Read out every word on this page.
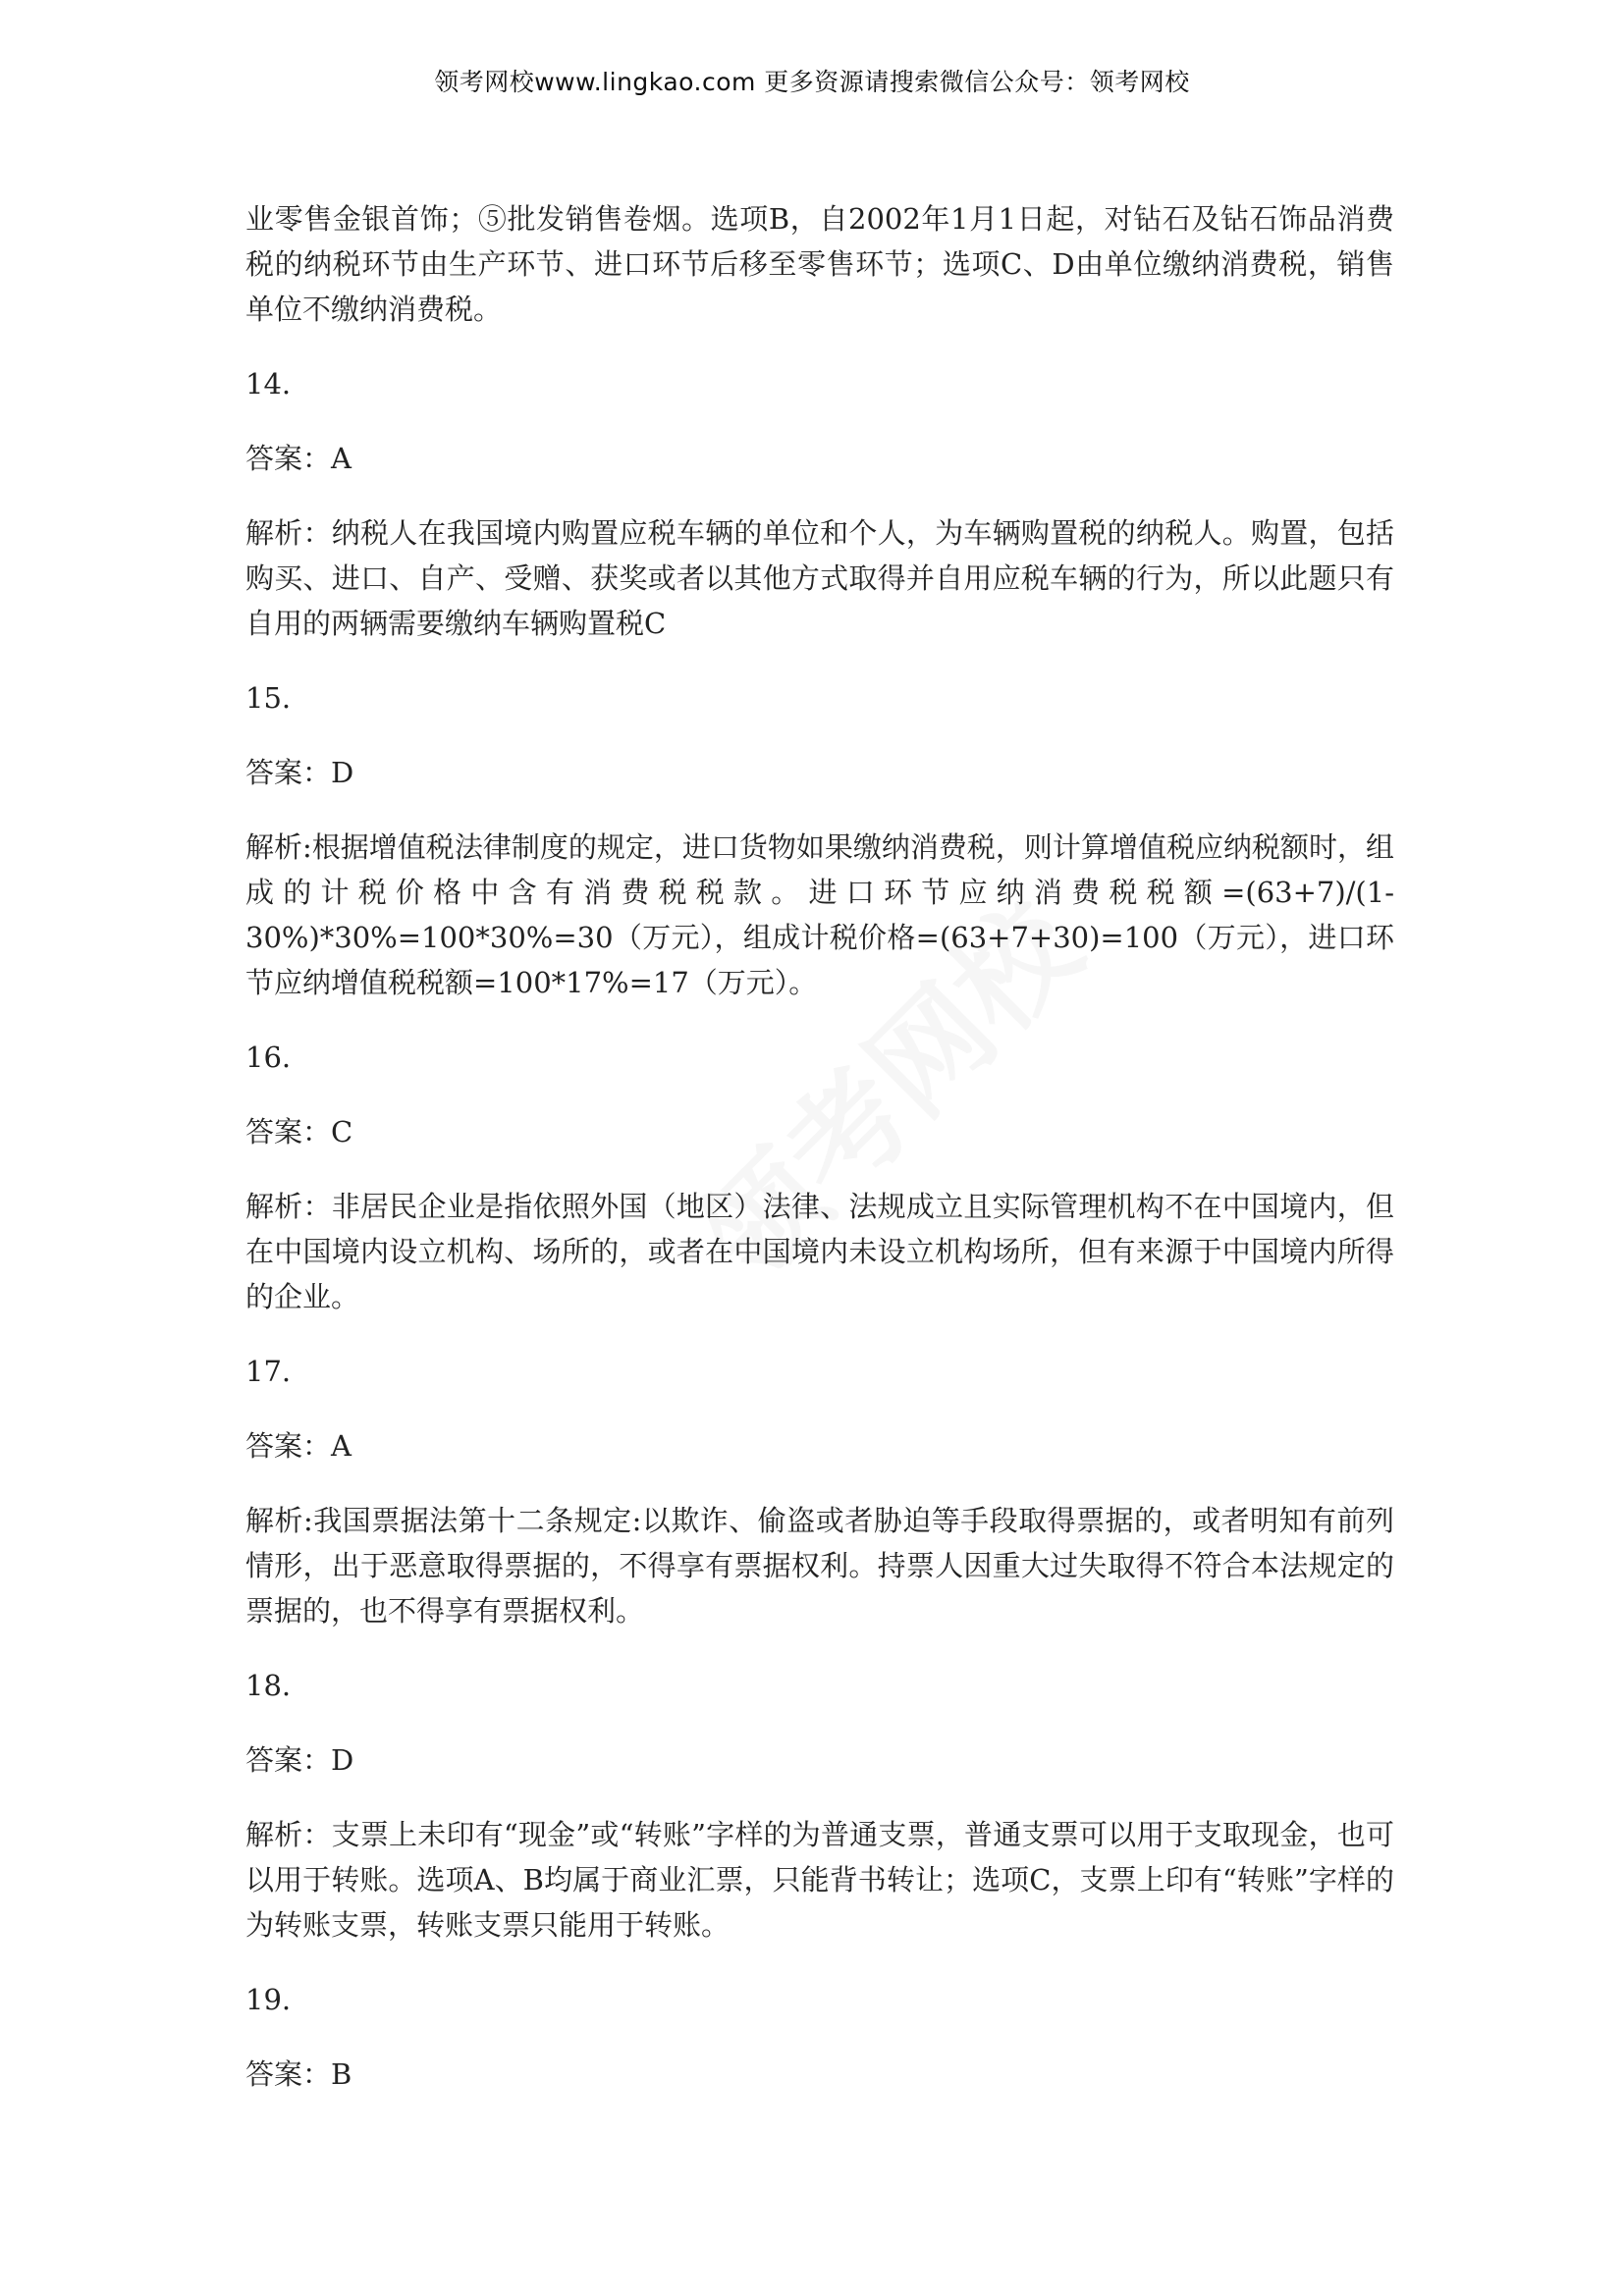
领考网校www.lingkao.com 更多资源请搜索微信公众号：领考网校

业零售金银首饰；⑤批发销售卷烟。选项B，自2002年1月1日起，对钻石及钻石饰品消费税的纳税环节由生产环节、进口环节后移至零售环节；选项C、D由单位缴纳消费税，销售单位不缴纳消费税。

14.

答案：A

解析：纳税人在我国境内购置应税车辆的单位和个人，为车辆购置税的纳税人。购置，包括购买、进口、自产、受赠、获奖或者以其他方式取得并自用应税车辆的行为，所以此题只有自用的两辆需要缴纳车辆购置税C

15.

答案：D

解析:根据增值税法律制度的规定，进口货物如果缴纳消费税，则计算增值税应纳税额时，组成的计税价格中含有消费税税款。进口环节应纳消费税税额=(63+7)/(1-30%)*30%=100*30%=30（万元），组成计税价格=(63+7+30)=100（万元），进口环节应纳增值税税额=100*17%=17（万元）。

16.

答案：C

解析：非居民企业是指依照外国（地区）法律、法规成立且实际管理机构不在中国境内，但在中国境内设立机构、场所的，或者在中国境内未设立机构场所，但有来源于中国境内所得的企业。

17.

答案：A

解析:我国票据法第十二条规定:以欺诈、偷盗或者胁迫等手段取得票据的，或者明知有前列情形，出于恶意取得票据的，不得享有票据权利。持票人因重大过失取得不符合本法规定的票据的，也不得享有票据权利。

18.

答案：D

解析：支票上未印有“现金”或“转账”字样的为普通支票，普通支票可以用于支取现金，也可以用于转账。选项A、B均属于商业汇票，只能背书转让；选项C，支票上印有“转账”字样的为转账支票，转账支票只能用于转账。

19.

答案：B
